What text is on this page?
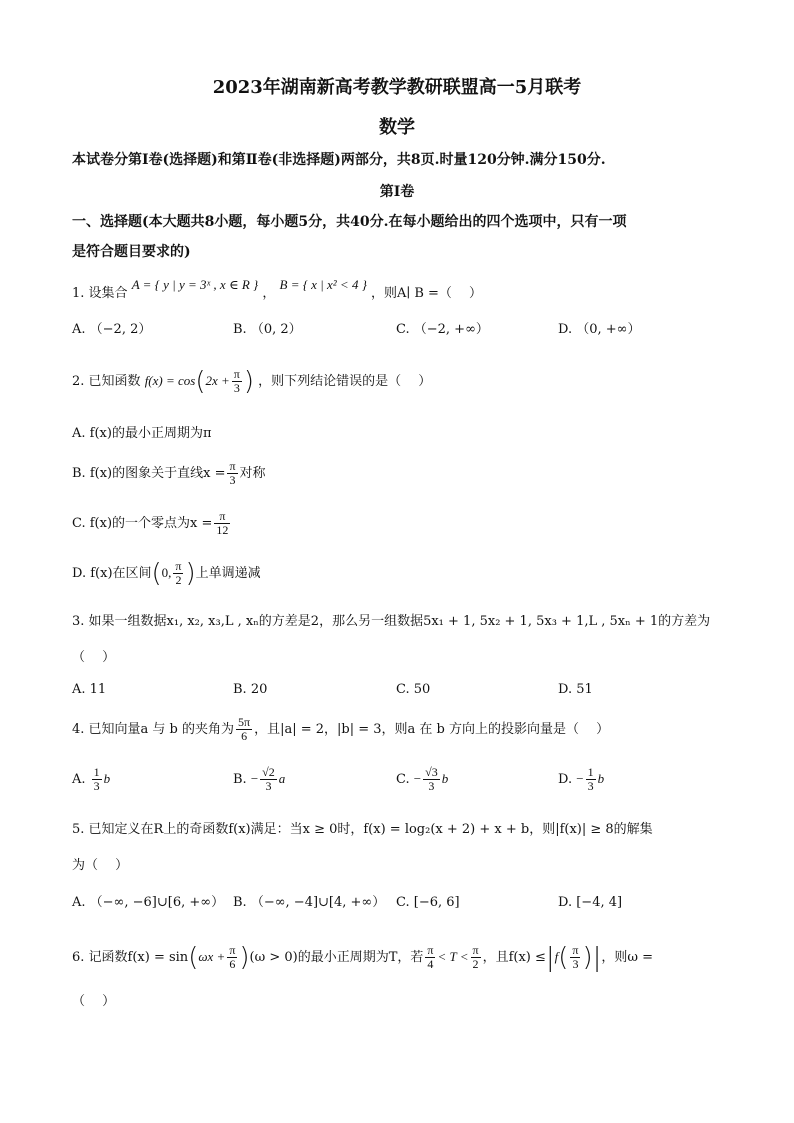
2023年湖南新高考教学教研联盟高一5月联考
数学
本试卷分第Ⅰ卷(选择题)和第Ⅱ卷(非选择题)两部分，共8页.时量120分钟.满分150分.
第Ⅰ卷
一、选择题(本大题共8小题，每小题5分，共40分.在每小题给出的四个选项中，只有一项
是符合题目要求的)
1. 设集合 A = { y | y = 3ˣ , x ∈ R } ， B = { x | x² < 4 } ，则A∣ B =（　 ）
A. （−2, 2）	B. （0, 2）	C. （−2, +∞）	D. （0, +∞）
2. 已知函数 $f(x) = \cos(2x + \frac{\pi}{3}$ ) ，则下列结论错误的是（　 ）
A. f(x)的最小正周期为π
B. f(x)的图象关于直线$x = \frac{\pi}{3}$ 对称
C. f(x)的一个零点为$x = \frac{\pi}{12}$
D. f(x)在区间(0, $\frac{\pi}{2}$ )上单调递减
3. 如果一组数据x₁, x₂, x₃,L , xₙ的方差是2，那么另一组数据5x₁ + 1, 5x₂ + 1, 5x₃ + 1,L , 5xₙ + 1的方差为
（　 ）
A. 11	B. 20	C. 50	D. 51
4. 已知向量a 与 b 的夹角为 $\frac{5\pi}{6}$ ，且|a| = 2，|b| = 3，则a 在 b 方向上的投影向量是（　 ）
A. $\frac{1}{3}$ b	B. − $\frac{√2}{3}$ a	C. − $\frac{√3}{3}$ b	D. − $\frac{1}{3}$ b
5. 已知定义在R上的奇函数f(x)满足：当x ≥ 0时，f(x) = log₂(x + 2) + x + b，则|f(x)| ≥ 8的解集
为（　 ）
A. （−∞, −6]∪[6, +∞） B. （−∞, −4]∪[4, +∞） C. [−6, 6]	D. [−4, 4]
6. 记函数$f(x) = \sin(\omega x + \frac{\pi}{6} )(\omega > 0)$的最小正周期为T，若 $\frac{\pi}{4} < T < \frac{\pi}{2}$ ，且$f(x) \le|f( \frac{\pi}{3}$ )|，则ω =
（　 ）
